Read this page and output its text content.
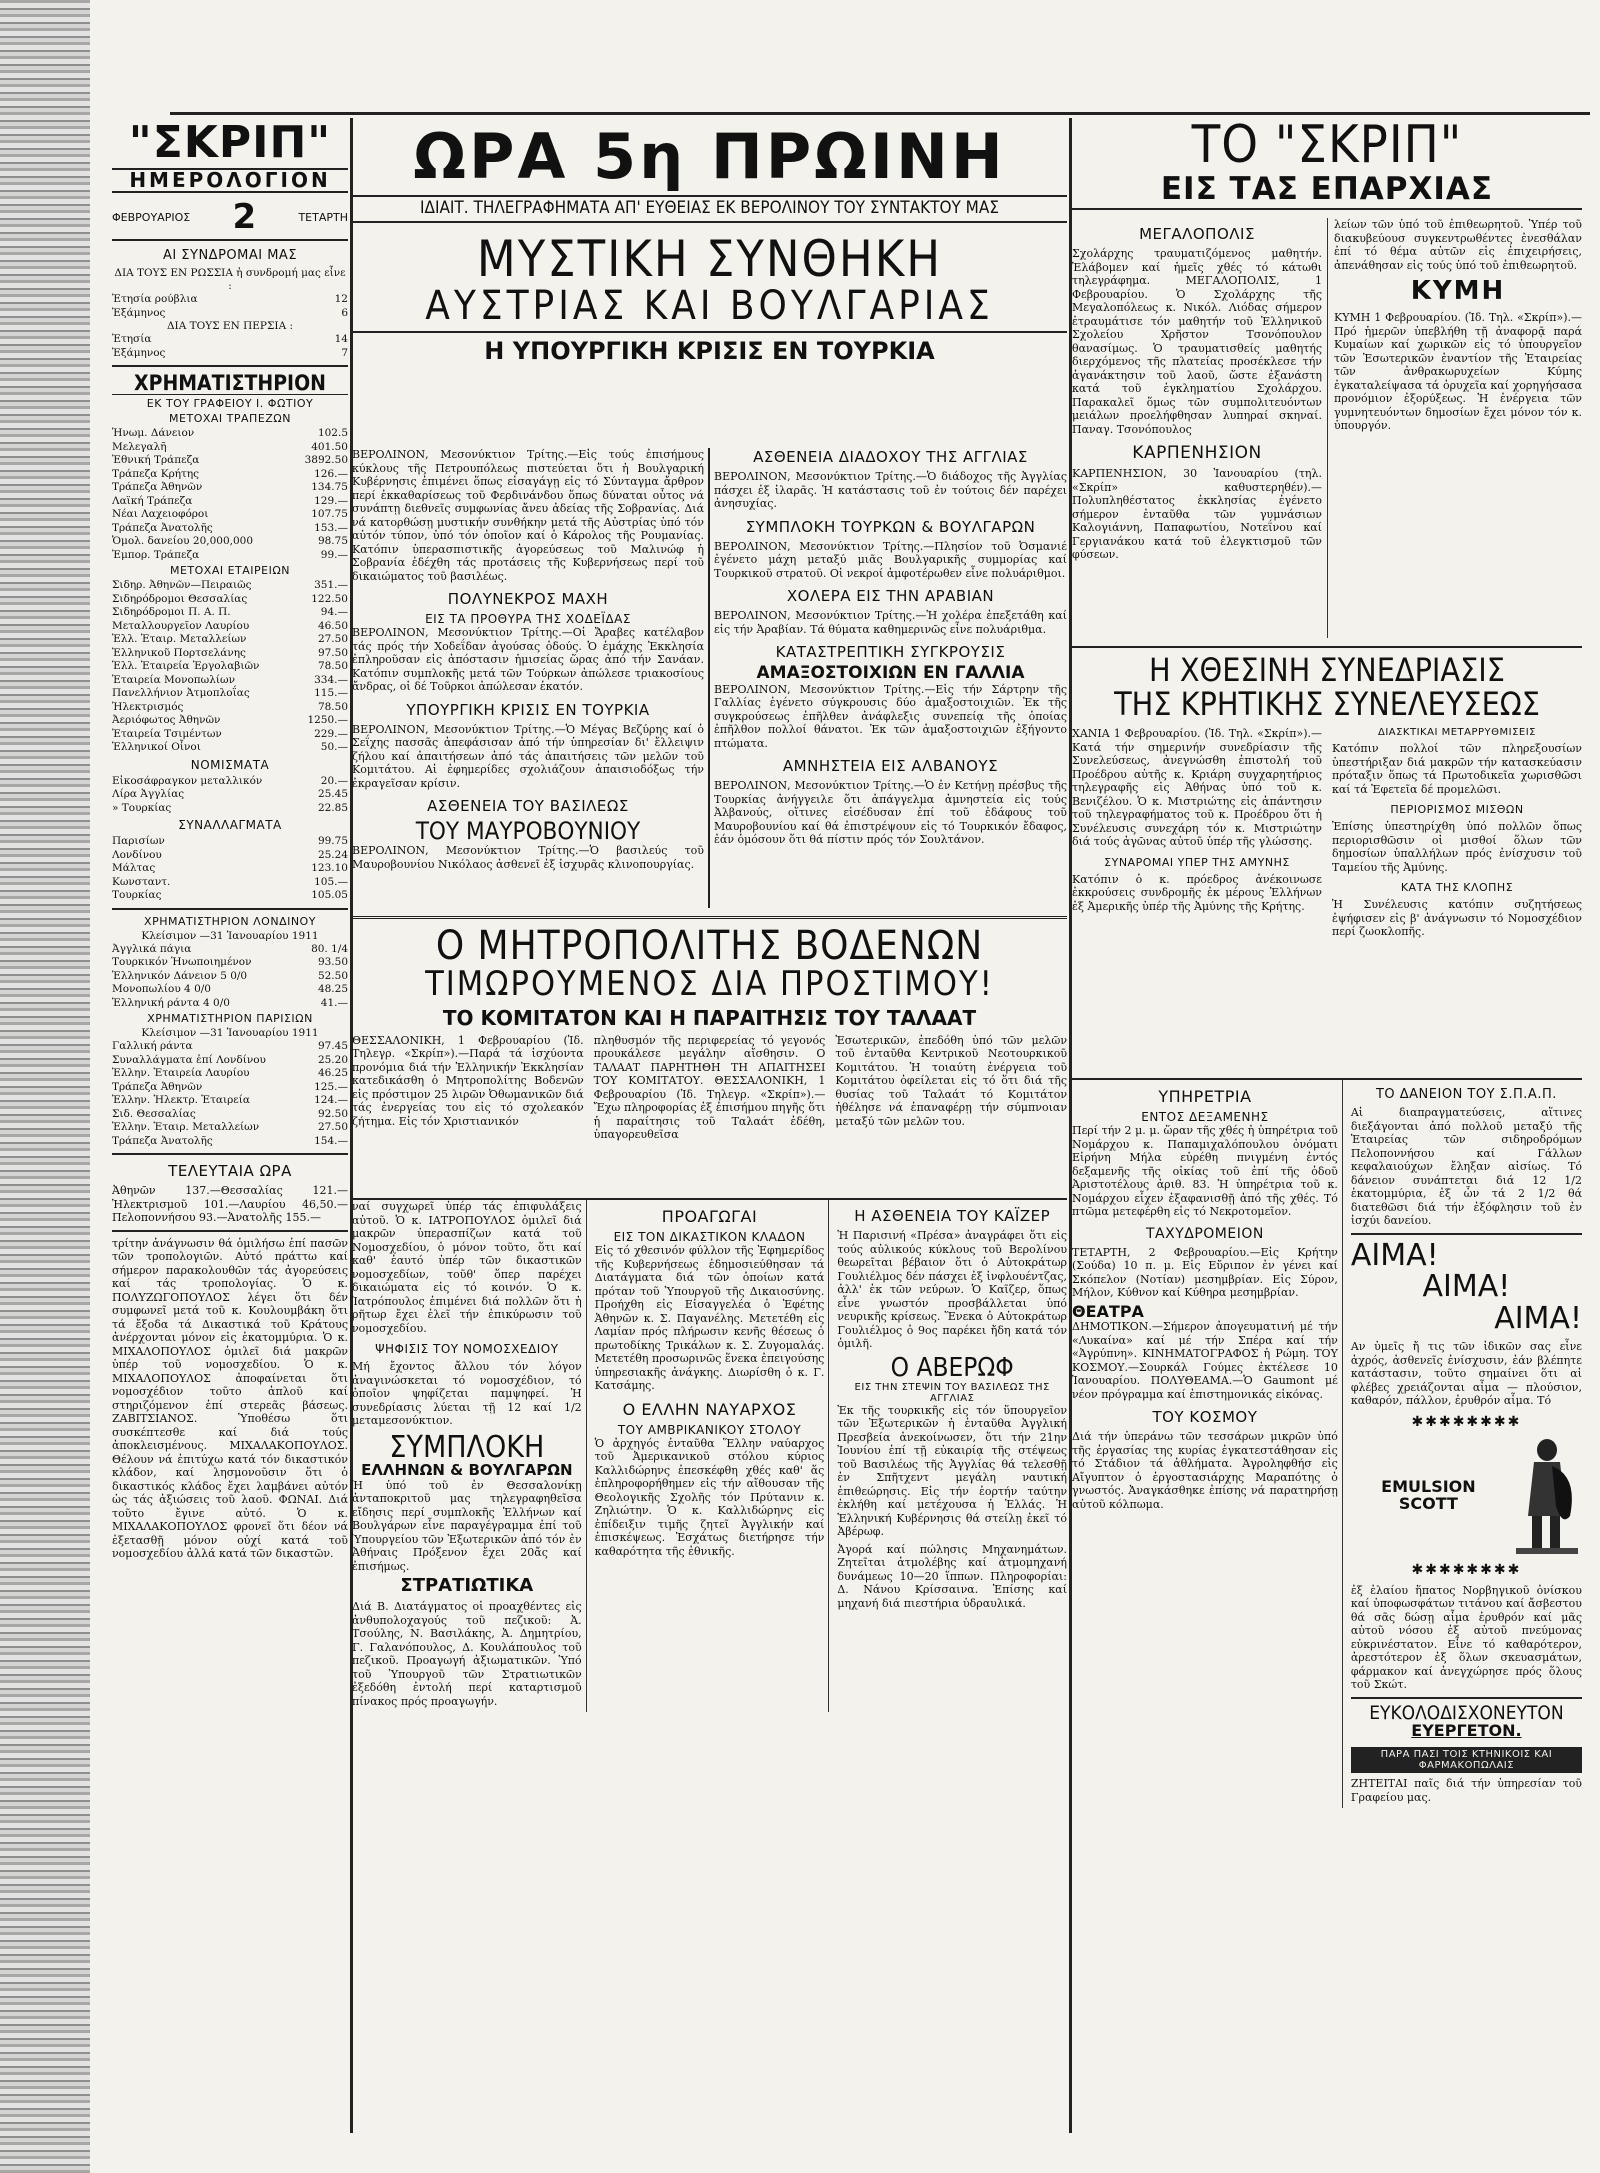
"ΣΚΡΙΠ"
ΗΜΕΡΟΛΟΓΙΟΝ
ΦΕΒΡΟΥΑΡΙΟΣ 2	ΤΕΤΑΡΤΗ
ΑΙ ΣΥΝΔΡΟΜΑΙ ΜΑΣ
ΔΙΑ ΤΟΥΣ ΕΝ ΡΩΣΣΙΑ ἡ συνδρομή μας εἶνε :
Ἐτησία ρούβλια	12
Ἑξάμηνος	6
ΔΙΑ ΤΟΥΣ ΕΝ ΠΕΡΣΙΑ :
Ἐτησία	14
Ἑξάμηνος	7
ΧΡΗΜΑΤΙΣΤΗΡΙΟΝ
ΕΚ ΤΟΥ ΓΡΑΦΕΙΟΥ Ι. ΦΩΤΙΟΥ
ΜΕΤΟΧΑΙ ΤΡΑΠΕΖΩΝ
Ἡνωμ. Δάνειον	102.5
Μελεγαλῆ	401.50
Ἐθνική Τράπεζα	3892.50
Τράπεζα Κρήτης	126.—
Τράπεζα Ἀθηνῶν	134.75
Λαϊκή Τράπεζα	129.—
Νέαι Λαχειοφόροι	107.75
Τράπεζα Ἀνατολῆς	153.—
Ὁμολ. δανείου 20,000,000	98.75
Ἐμπορ. Τράπεζα	99.—
ΜΕΤΟΧΑΙ ΕΤΑΙΡΕΙΩΝ
Σιδηρ. Ἀθηνῶν—Πειραιῶς	351.—
Σιδηρόδρομοι Θεσσαλίας	122.50
Σιδηρόδρομοι Π. Α. Π.	94.—
Μεταλλουργεῖον Λαυρίου	46.50
Ἑλλ. Ἑταιρ. Μεταλλείων	27.50
Ἑλληνικοῦ Πορτσελάνης	97.50
Ἑλλ. Ἑταιρεία Ἐργολαβιῶν	78.50
Ἑταιρεία Μονοπωλίων	334.—
Πανελλήνιον Ἀτμοπλοΐας	115.—
Ἠλεκτρισμός	78.50
Ἀεριόφωτος Ἀθηνῶν	1250.—
Ἐταιρεία Τσιμέντων	229.—
Ἑλληνικοί Οἶνοι	50.—
ΝΟΜΙΣΜΑΤΑ
Εἰκοσάφραγκον μεταλλικόν	20.—
Λίρα Ἀγγλίας	25.45
» Τουρκίας	22.85
ΣΥΝΑΛΛΑΓΜΑΤΑ
Παρισίων	99.75
Λονδίνου	25.24
Μάλτας	123.10
Κωνσταντ.	105.—
Τουρκίας	105.05
ΧΡΗΜΑΤΙΣΤΗΡΙΟΝ ΛΟΝΔΙΝΟΥ
Κλείσιμον —31 Ἰανουαρίου 1911
Ἀγγλικά πάγια	80. 1/4
Τουρκικόν Ἡνωποιημένον	93.50
Ἑλληνικόν Δάνειον 5 0/0	52.50
Μονοπωλίου 4 0/0	48.25
Ἑλληνική ράντα 4 0/0	41.—
ΧΡΗΜΑΤΙΣΤΗΡΙΟΝ ΠΑΡΙΣΙΩΝ
Κλείσιμον —31 Ἰανουαρίου 1911
Γαλλική ράντα	97.45
Συναλλάγματα ἐπί Λονδίνου	25.20
Ἑλλην. Ἑταιρεία Λαυρίου	46.25
Τράπεζα Ἀθηνῶν	125.—
Ἑλλην. Ἠλεκτρ. Ἑταιρεία	124.—
Σιδ. Θεσσαλίας	92.50
Ἑλλην. Ἑταιρ. Μεταλλείων	27.50
Τράπεζα Ἀνατολῆς	154.—
ΤΕΛΕΥΤΑΙΑ ΩΡΑ
Ἀθηνῶν 137.—Θεσσαλίας 121.—Ἠλεκτρισμοῦ 101.—Λαυρίου 46,50.—Πελοποννήσου 93.—Ἀνατολῆς 155.—
τρίτην ἀνάγνωσιν θά ὁμιλήσω ἐπί πασῶν τῶν τροπολογιῶν. Αὐτό πράττω καί σήμερον παρακολουθῶν τάς ἀγορεύσεις καί τάς τροπολογίας. Ὁ κ. ΠΟΛΥΖΩΓΟΠΟΥΛΟΣ λέγει ὅτι δέν συμφωνεῖ μετά τοῦ κ. Κουλουμβάκη ὅτι τά ἔξοδα τά Δικαστικά τοῦ Κράτους ἀνέρχονται μόνον εἰς ἑκατομμύρια. Ὁ κ. ΜΙΧΑΛΟΠΟΥΛΟΣ ὁμιλεῖ διά μακρῶν ὑπέρ τοῦ νομοσχεδίου. Ὁ κ. ΜΙΧΑΛΟΠΟΥΛΟΣ ἀποφαίνεται ὅτι νομοσχέδιον τοῦτο ἁπλοῦ καί στηριζόμενον ἐπί στερεᾶς βάσεως. ΖΑΒΙΤΣΙΑΝΟΣ. Ὑποθέσω ὅτι συσκέπτεσθε καί διά τούς ἀποκλεισμένους. ΜΙΧΑΛΑΚΟΠΟΥΛΟΣ. Θέλουν νά ἐπιτύχω κατά τόν δικαστικόν κλάδον, καί λησμονοῦσιν ὅτι ὁ δικαστικός κλάδος ἔχει λαμβάνει αὐτόν ὡς τάς ἀξιώσεις τοῦ λαοῦ. ΦΩΝΑΙ. Διά τοῦτο ἔγινε αὐτό. Ὁ κ. ΜΙΧΑΛΑΚΟΠΟΥΛΟΣ φρονεῖ ὅτι δέον νά ἐξετασθῇ μόνον οὐχί κατά τοῦ νομοσχεδίου ἀλλά κατά τῶν δικαστῶν.
ΩΡΑ 5η ΠΡΩΙΝΗ
ΙΔΙΑΙΤ. ΤΗΛΕΓΡΑΦΗΜΑΤΑ ΑΠ' ΕΥΘΕΙΑΣ ΕΚ ΒΕΡΟΛΙΝΟΥ ΤΟΥ ΣΥΝΤΑΚΤΟΥ ΜΑΣ
ΜΥΣΤΙΚΗ ΣΥΝΘΗΚΗ
ΑΥΣΤΡΙΑΣ ΚΑΙ ΒΟΥΛΓΑΡΙΑΣ
Η ΥΠΟΥΡΓΙΚΗ ΚΡΙΣΙΣ ΕΝ ΤΟΥΡΚΙΑ
ΒΕΡΟΛΙΝΟΝ, Μεσονύκτιον Τρίτης.—Εἰς τούς ἐπισήμους κύκλους τῆς Πετρουπόλεως πιστεύεται ὅτι ἡ Βουλγαρική Κυβέρνησις ἐπιμένει ὅπως εἰσαγάγῃ εἰς τό Σύνταγμα ἄρθρον περί ἐκκαθαρίσεως τοῦ Φερδινάνδου ὅπως δύναται οὗτος νά συνάπτῃ διεθνεῖς συμφωνίας ἄνευ ἀδείας τῆς Σοβρανίας. Διά νά κατορθώσῃ μυστικήν συνθήκην μετά τῆς Αὐστρίας ὑπό τόν αὐτόν τύπον, ὑπό τόν ὁποῖον καί ὁ Κάρολος τῆς Ρουμανίας. Κατόπιν ὑπερασπιστικῆς ἀγορεύσεως τοῦ Μαλινώφ ἡ Σοβρανία ἐδέχθη τάς προτάσεις τῆς Κυβερνήσεως περί τοῦ δικαιώματος τοῦ βασιλέως.
ΠΟΛΥΝΕΚΡΟΣ ΜΑΧΗ
ΕΙΣ ΤΑ ΠΡΟΘΥΡΑ ΤΗΣ ΧΟΔΕΪΔΑΣ
ΒΕΡΟΛΙΝΟΝ, Μεσονύκτιον Τρίτης.—Οἱ Ἄραβες κατέλαβον τάς πρός τήν Χοδεΐδαν ἀγούσας ὁδούς. Ὁ ἐμάχης Ἐκκλησία ἐπληροῦσαν εἰς ἀπόστασιν ἡμισείας ὥρας ἀπό τήν Σανάαν. Κατόπιν συμπλοκῆς μετά τῶν Τούρκων ἀπώλεσε τριακοσίους ἄνδρας, οἱ δέ Τοῦρκοι ἀπώλεσαν ἑκατόν.
ΥΠΟΥΡΓΙΚΗ ΚΡΙΣΙΣ ΕΝ ΤΟΥΡΚΙΑ
ΒΕΡΟΛΙΝΟΝ, Μεσονύκτιον Τρίτης.—Ὁ Μέγας Βεζύρης καί ὁ Σεΐχης πασσᾶς ἀπεφάσισαν ἀπό τήν ὑπηρεσίαν δι' ἔλλειψιν ζήλου καί ἀπαιτήσεων ἀπό τάς ἀπαιτήσεις τῶν μελῶν τοῦ Κομιτάτου. Αἱ ἐφημερίδες σχολιάζουν ἀπαισιοδόξως τήν ἐκραγεῖσαν κρίσιν.
ΑΣΘΕΝΕΙΑ ΤΟΥ ΒΑΣΙΛΕΩΣ
ΤΟΥ ΜΑΥΡΟΒΟΥΝΙΟΥ
ΒΕΡΟΛΙΝΟΝ, Μεσονύκτιον Τρίτης.—Ὁ βασιλεύς τοῦ Μαυροβουνίου Νικόλαος ἀσθενεῖ ἐξ ἰσχυρᾶς κλινοπουργίας.
ΑΣΘΕΝΕΙΑ ΔΙΑΔΟΧΟΥ ΤΗΣ ΑΓΓΛΙΑΣ
ΒΕΡΟΛΙΝΟΝ, Μεσονύκτιον Τρίτης.—Ὁ διάδοχος τῆς Ἀγγλίας πάσχει ἐξ ἰλαρᾶς. Ἡ κατάστασις τοῦ ἐν τούτοις δέν παρέχει ἀνησυχίας.
ΣΥΜΠΛΟΚΗ ΤΟΥΡΚΩΝ & ΒΟΥΛΓΑΡΩΝ
ΒΕΡΟΛΙΝΟΝ, Μεσονύκτιον Τρίτης.—Πλησίον τοῦ Ὀσμανιέ ἐγένετο μάχη μεταξύ μιᾶς Βουλγαρικῆς συμμορίας καί Τουρκικοῦ στρατοῦ. Οἱ νεκροί ἀμφοτέρωθεν εἶνε πολυάριθμοι.
ΧΟΛΕΡΑ ΕΙΣ ΤΗΝ ΑΡΑΒΙΑΝ
ΒΕΡΟΛΙΝΟΝ, Μεσονύκτιον Τρίτης.—Ἡ χολέρα ἐπεξετάθη καί εἰς τήν Ἀραβίαν. Τά θύματα καθημερινῶς εἶνε πολυάριθμα.
ΚΑΤΑΣΤΡΕΠΤΙΚΗ ΣΥΓΚΡΟΥΣΙΣ
ΑΜΑΞΟΣΤΟΙΧΙΩΝ ΕΝ ΓΑΛΛΙΑ
ΒΕΡΟΛΙΝΟΝ, Μεσονύκτιον Τρίτης.—Εἰς τήν Σάρτρην τῆς Γαλλίας ἐγένετο σύγκρουσις δύο ἁμαξοστοιχιῶν. Ἐκ τῆς συγκρούσεως ἐπῆλθεν ἀνάφλεξις συνεπείᾳ τῆς ὁποίας ἐπῆλθον πολλοί θάνατοι. Ἐκ τῶν ἁμαξοστοιχιῶν ἐξήγοντο πτώματα.
ΑΜΝΗΣΤΕΙΑ ΕΙΣ ΑΛΒΑΝΟΥΣ
ΒΕΡΟΛΙΝΟΝ, Μεσονύκτιον Τρίτης.—Ὁ ἐν Κετήνῃ πρέσβυς τῆς Τουρκίας ἀνήγγειλε ὅτι ἀπάγγελμα ἀμνηστεία εἰς τούς Ἀλβανούς, οἵτινες εἰσέδυσαν ἐπί τοῦ ἐδάφους τοῦ Μαυροβουνίου καί θά ἐπιστρέψουν εἰς τό Τουρκικόν ἔδαφος, ἐάν ὁμόσουν ὅτι θά πίστιν πρός τόν Σουλτάνον.
Ο ΜΗΤΡΟΠΟΛΙΤΗΣ ΒΟΔΕΝΩΝ
ΤΙΜΩΡΟΥΜΕΝΟΣ ΔΙΑ ΠΡΟΣΤΙΜΟΥ!
ΤΟ ΚΟΜΙΤΑΤΟΝ ΚΑΙ Η ΠΑΡΑΙΤΗΣΙΣ ΤΟΥ ΤΑΛΑΑΤ
ΘΕΣΣΑΛΟΝΙΚΗ, 1 Φεβρουαρίου (Ἰδ. Τηλεγρ. «Σκρίπ»).—Παρά τά ἰσχύοντα προνόμια διά τήν Ἑλληνικήν Ἐκκλησίαν κατεδικάσθη ὁ Μητροπολίτης Βοδενῶν εἰς πρόστιμον 25 λιρῶν Ὀθωμανικῶν διά τάς ἐνεργείας του εἰς τό σχολεακόν ζήτημα. Εἰς τόν Χριστιανικόν
πληθυσμόν τῆς περιφερείας τό γεγονός προυκάλεσε μεγάλην αἴσθησιν. Ο ΤΑΛΑΑΤ ΠΑΡΗΤΗΘΗ ΤΗ ΑΠΑΙΤΗΣΕΙ ΤΟΥ ΚΟΜΙΤΑΤΟΥ. ΘΕΣΣΑΛΟΝΙΚΗ, 1 Φεβρουαρίου (Ἰδ. Τηλεγρ. «Σκρίπ»).—Ἔχω πληροφορίας ἐξ ἐπισήμου πηγῆς ὅτι ἡ παραίτησις τοῦ Ταλαάτ ἐδέθη, ὑπαγορευθεῖσα
Ἐσωτερικῶν, ἐπεδόθη ὑπό τῶν μελῶν τοῦ ἐνταῦθα Κεντρικοῦ Νεοτουρκικοῦ Κομιτάτου. Ἡ τοιαύτη ἐνέργεια τοῦ Κομιτάτου ὀφείλεται εἰς τό ὅτι διά τῆς θυσίας τοῦ Ταλαάτ τό Κομιτάτον ἠθέλησε νά ἐπαναφέρῃ τήν σύμπνοιαν μεταξύ τῶν μελῶν του.
ναί συγχωρεῖ ὑπέρ τάς ἐπιφυλάξεις αὐτοῦ. Ὁ κ. ΙΑΤΡΟΠΟΥΛΟΣ ὁμιλεῖ διά μακρῶν ὑπερασπίζων κατά τοῦ Νομοσχεδίου, ὁ μόνον τοῦτο, ὅτι καί καθ' ἑαυτό ὑπέρ τῶν δικαστικῶν νομοσχεδίων, τοῦθ' ὅπερ παρέχει δικαιώματα εἰς τό κοινόν. Ὁ κ. Ἰατρόπουλος ἐπιμένει διά πολλῶν ὅτι ἡ ρῆτωρ ἔχει ἐλεῖ τήν ἐπικύρωσιν τοῦ νομοσχεδίου.
ΨΗΦΙΣΙΣ ΤΟΥ ΝΟΜΟΣΧΕΔΙΟΥ
Μή ἔχοντος ἄλλου τόν λόγον ἀναγινώσκεται τό νομοσχέδιον, τό ὁποῖον ψηφίζεται παμψηφεί. Ἡ συνεδρίασις λύεται τῇ 12 καί 1/2 μεταμεσονύκτιον.
ΣΥΜΠΛΟΚΗ
ΕΛΛΗΝΩΝ & ΒΟΥΛΓΑΡΩΝ
Ἡ ὑπό τοῦ ἐν Θεσσαλονίκῃ ἀνταποκριτοῦ μας τηλεγραφηθεῖσα εἴδησις περί συμπλοκῆς Ἑλλήνων καί Βουλγάρων εἶνε παραγέγραμμα ἐπί τοῦ Ὑπουργείου τῶν Ἐξωτερικῶν ἀπό τόν ἐν Ἀθήναις Πρόξενον ἔχει 20ἄς καί ἐπισήμως.
ΣΤΡΑΤΙΩΤΙΚΑ
Διά Β. Διατάγματος οἱ προαχθέντες εἰς ἀνθυπολοχαγούς τοῦ πεζικοῦ: Ἀ. Τσούλης, Ν. Βασιλάκης, Ἀ. Δημητρίου, Γ. Γαλανόπουλος, Δ. Κουλάπουλος τοῦ πεζικοῦ. Προαγωγή ἀξιωματικῶν. Ὑπό τοῦ Ὑπουργοῦ τῶν Στρατιωτικῶν ἐξεδόθη ἐντολή περί καταρτισμοῦ πίνακος πρός προαγωγήν.
ΠΡΟΑΓΩΓΑΙ
ΕΙΣ ΤΟΝ ΔΙΚΑΣΤΙΚΟΝ ΚΛΑΔΟΝ
Εἰς τό χθεσινόν φύλλον τῆς Ἐφημερίδος τῆς Κυβερνήσεως ἐδημοσιεύθησαν τά Διατάγματα διά τῶν ὁποίων κατά πρόταν τοῦ Ὑπουργοῦ τῆς Δικαιοσύνης. Προήχθη εἰς Εἰσαγγελέα ὁ Ἐφέτης Ἀθηνῶν κ. Σ. Παγανέλης. Μετετέθη εἰς Λαμίαν πρός πλήρωσιν κενῆς θέσεως ὁ πρωτοδίκης Τρικάλων κ. Σ. Ζυγομαλάς. Μετετέθη προσωρινῶς ἕνεκα ἐπειγούσης ὑπηρεσιακῆς ἀνάγκης. Διωρίσθη ὁ κ. Γ. Κατσάμης.
Ο ΕΛΛΗΝ ΝΑΥΑΡΧΟΣ
ΤΟΥ ΑΜΒΡΙΚΑΝΙΚΟΥ ΣΤΟΛΟΥ
Ὁ ἀρχηγός ἐνταῦθα Ἕλλην ναύαρχος τοῦ Ἀμερικανικοῦ στόλου κύριος Καλλιδώρηνς ἐπεσκέφθη χθές καθ' ἅς ἐπληροφορήθημεν εἰς τήν αἴθουσαν τῆς Θεολογικῆς Σχολῆς τόν Πρύτανιν κ. Ζηλιώτην. Ὁ κ. Καλλιδώρηνς εἰς ἐπίδειξιν τιμῆς ζητεῖ Ἀγγλικήν καί ἐπισκέψεως. Ἐσχάτως διετήρησε τήν καθαρότητα τῆς ἐθνικῆς.
Η ΑΣΘΕΝΕΙΑ ΤΟΥ ΚΑΪΖΕΡ
Ἡ Παρισινή «Πρέσα» ἀναγράφει ὅτι εἰς τούς αὐλικούς κύκλους τοῦ Βερολίνου θεωρεῖται βέβαιον ὅτι ὁ Αὐτοκράτωρ Γουλιέλμος δέν πάσχει ἐξ ἰνφλουέντζας, ἀλλ' ἐκ τῶν νεύρων. Ὁ Καῖζερ, ὅπως εἶνε γνωστόν προσβάλλεται ὑπό νευρικῆς κρίσεως. Ἕνεκα ὁ Αὐτοκράτωρ Γουλιέλμος ὁ 9ος παρέκει ἤδη κατά τόν ὁμιλῆ.
Ο ΑΒΕΡΩΦ
ΕΙΣ ΤΗΝ ΣΤΕΨΙΝ ΤΟΥ ΒΑΣΙΛΕΩΣ ΤΗΣ ΑΓΓΛΙΑΣ
Ἐκ τῆς τουρκικῆς εἰς τόν ὕπουργεῖον τῶν Ἐξωτερικῶν ἡ ἐνταῦθα Ἀγγλική Πρεσβεία ἀνεκοίνωσεν, ὅτι τήν 21ην Ἰουνίου ἐπί τῇ εὐκαιρίᾳ τῆς στέψεως τοῦ Βασιλέως τῆς Ἀγγλίας θά τελεσθῇ ἐν Σπῆτχεντ μεγάλη ναυτική ἐπιθεώρησις. Εἰς τήν ἑορτήν ταύτην ἐκλήθη καί μετέχουσα ἡ Ἑλλάς. Ἡ Ἑλληνική Κυβέρνησις θά στείλῃ ἐκεῖ τό Ἀβέρωφ.
Ἀγορά καί πώλησις Μηχανημάτων. Ζητεῖται ἀτμολέβης καί ἀτμομηχανή δυνάμεως 10—20 ἵππων. Πληροφορίαι: Δ. Νάνου Κρίσσαινα. Ἐπίσης καί μηχανή διά πιεστήρια ὑδραυλικά.
ΤΟ "ΣΚΡΙΠ"
ΕΙΣ ΤΑΣ ΕΠΑΡΧΙΑΣ
ΜΕΓΑΛΟΠΟΛΙΣ
Σχολάρχης τραυματιζόμενος μαθητήν. Ἐλάβομεν καί ἡμεῖς χθές τό κάτωθι τηλεγράφημα. ΜΕΓΑΛΟΠΟΛΙΣ, 1 Φεβρουαρίου. Ὁ Σχολάρχης τῆς Μεγαλοπόλεως κ. Νικόλ. Λιόδας σήμερον ἐτραυμάτισε τόν μαθητήν τοῦ Ἑλληνικοῦ Σχολείου Χρῆστον Τσονόπουλον θανασίμως. Ὁ τραυματισθείς μαθητής διερχόμενος τῆς πλατείας προσέκλεσε τήν ἀγανάκτησιν τοῦ λαοῦ, ὥστε ἐξανάστη κατά τοῦ ἐγκληματίου Σχολάρχου. Παρακαλεῖ ὅμως τῶν συμπολιτευόντων μειάλων προελήφθησαν λυπηραί σκηναί. Παναγ. Τσονόπουλος
ΚΑΡΠΕΝΗΣΙΟΝ
ΚΑΡΠΕΝΗΣΙΟΝ, 30 Ἰανουαρίου (τηλ. «Σκρίπ» καθυστερηθέν).—Πολυπληθέστατος ἐκκλησίας ἐγένετο σήμερον ἐνταῦθα τῶν γυμνάσιων Καλογιάννη, Παπαφωτίου, Νοτεΐνου καί Γεργιανάκου κατά τοῦ ἐλεγκτισμοῦ τῶν φύσεων.
λείων τῶν ὑπό τοῦ ἐπιθεωρητοῦ. Ὑπέρ τοῦ διακυβεύουσ συγκεντρωθέντες ἐνεσθάλαν ἐπί τό θέμα αὐτῶν εἰς ἐπιχειρήσεις, ἀπενάθησαν εἰς τούς ὑπό τοῦ ἐπιθεωρητοῦ.
ΚΥΜΗ
ΚΥΜΗ 1 Φεβρουαρίου. (Ἰδ. Τηλ. «Σκρίπ»).—Πρό ἡμερῶν ὑπεβλήθη τῇ ἀναφορᾷ παρά Κυμαίων καί χωρικῶν εἰς τό ὑπουργεῖον τῶν Ἐσωτερικῶν ἐναντίον τῆς Ἑταιρείας τῶν ἀνθρακωρυχείων Κύμης ἐγκαταλείψασα τά ὀρυχεῖα καί χορηγήσασα προνόμιον ἐξορύξεως. Ἡ ἐνέργεια τῶν γυμνητευόντων δημοσίων ἔχει μόνον τόν κ. ὑπουργόν.
Η ΧΘΕΣΙΝΗ ΣΥΝΕΔΡΙΑΣΙΣ
ΤΗΣ ΚΡΗΤΙΚΗΣ ΣΥΝΕΛΕΥΣΕΩΣ
ΧΑΝΙΑ 1 Φεβρουαρίου. (Ἰδ. Τηλ. «Σκρίπ»).—Κατά τήν σημερινήν συνεδρίασιν τῆς Συνελεύσεως, ἀνεγνώσθη ἐπιστολή τοῦ Προέδρου αὐτῆς κ. Κριάρη συγχαρητήριος τηλεγραφῆς εἰς Ἀθήνας ὑπό τοῦ κ. Βενιζέλου. Ὁ κ. Μιστριώτης εἰς ἀπάντησιν τοῦ τηλεγραφήματος τοῦ κ. Προέδρου ὅτι ἡ Συνέλευσις συνεχάρη τόν κ. Μιστριώτην διά τούς ἀγῶνας αὐτοῦ ὑπέρ τῆς γλώσσης.
ΣΥΝΑΡΟΜΑΙ ΥΠΕΡ ΤΗΣ ΑΜΥΝΗΣ
Κατόπιν ὁ κ. πρόεδρος ἀνέκοινωσε ἐκκρούσεις συνδρομῆς ἐκ μέρους Ἑλλήνων ἐξ Ἀμερικῆς ὑπέρ τῆς Ἀμύνης τῆς Κρήτης.
ΔΙΑΣΚΤΙΚΑΙ ΜΕΤΑΡΡΥΘΜΙΣΕΙΣ
Κατόπιν πολλοί τῶν πληρεξουσίων ὑπεστήριξαν διά μακρῶν τήν κατασκεύασιν πρόταξιν ὅπως τά Πρωτοδικεῖα χωρισθῶσι καί τά Ἐφετεῖα δέ προμελῶσι.
ΠΕΡΙΟΡΙΣΜΟΣ ΜΙΣΘΩΝ
Ἐπίσης ὑπεστηρίχθη ὑπό πολλῶν ὅπως περιορισθῶσιν οἱ μισθοί ὅλων τῶν δημοσίων ὑπαλλήλων πρός ἐνίσχυσιν τοῦ Ταμείου τῆς Ἀμύνης.
ΚΑΤΑ ΤΗΣ ΚΛΟΠΗΣ
Ἡ Συνέλευσις κατόπιν συζητήσεως ἐψήφισεν εἰς β' ἀνάγνωσιν τό Νομοσχέδιον περί ζωοκλοπῆς.
ΥΠΗΡΕΤΡΙΑ
ΕΝΤΟΣ ΔΕΞΑΜΕΝΗΣ
Περί τήν 2 μ. μ. ὥραν τῆς χθές ἡ ὑπηρέτρια τοῦ Νομάρχου κ. Παπαμιχαλόπουλου ὀνόματι Εἰρήνη Μήλα εὑρέθη πνιγμένη ἐντός δεξαμενῆς τῆς οἰκίας τοῦ ἐπί τῆς ὁδοῦ Ἀριστοτέλους ἀριθ. 83. Ἡ ὑπηρέτρια τοῦ κ. Νομάρχου εἶχεν ἐξαφανισθῇ ἀπό τῆς χθές. Τό πτῶμα μετεφέρθη εἰς τό Νεκροτομεῖον.
ΤΑΧΥΔΡΟΜΕΙΟΝ
ΤΕΤΑΡΤΗ, 2 Φεβρουαρίου.—Εἰς Κρήτην (Σούδα) 10 π. μ. Εἰς Εὔριπον ἐν γένει καί Σκόπελον (Νοτίαν) μεσημβρίαν. Εἰς Σύρον, Μήλον, Κύθνον καί Κύθηρα μεσημβρίαν.
ΘΕΑΤΡΑ
ΔΗΜΟΤΙΚΟΝ.—Σήμερον ἀπογευματινή μέ τήν «Λυκαίνα» καί μέ τήν Σπέρα καί τήν «Ἀγρύπνη». ΚΙΝΗΜΑΤΟΓΡΑΦΟΣ ἡ Ρώμη. ΤΟΥ ΚΟΣΜΟΥ.—Σουρκάλ Γούμες ἐκτέλεσε 10 Ἰανουαρίου. ΠΟΛΥΘΕΑΜΑ.—Ὁ Gaumont μέ νέον πρόγραμμα καί ἐπιστημονικάς εἰκόνας.
ΤΟΥ ΚΟΣΜΟΥ
Διά τήν ὑπεράνω τῶν τεσσάρων μικρῶν ὑπό τῆς ἐργασίας της κυρίας ἐγκατεστάθησαν εἰς τό Στάδιον τά ἀθλήματα. Ἀγροληφθήσ εἰς Αἴγυπτον ὁ ἐργοστασιάρχης Μαραπότης ὁ γνωστός. Ἀναγκάσθηκε ἐπίσης νά παρατηρήσῃ αὐτοῦ κόλπωμα.
ΤΟ ΔΑΝΕΙΟΝ ΤΟΥ Σ.Π.Α.Π.
Αἱ διαπραγματεύσεις, αἵτινες διεξάγονται ἀπό πολλοῦ μεταξύ τῆς Ἑταιρείας τῶν σιδηροδρόμων Πελοποννήσου καί Γάλλων κεφαλαιούχων ἔληξαν αἰσίως. Τό δάνειον συνάπτεται διά 12 1/2 ἑκατομμύρια, ἐξ ὧν τά 2 1/2 θά διατεθῶσι διά τήν ἐξόφλησιν τοῦ ἐν ἰσχύι δανείου.
ΑΙΜΑ!
ΑΙΜΑ!
ΑΙΜΑ!
Αν ὑμεῖς ἤ τις τῶν ἰδικῶν σας εἶνε ἀχρός, ἀσθενεῖς ἐνίσχυσιν, ἐάν βλέπητε κατάστασιν, τοῦτο σημαίνει ὅτι αἱ φλέβες χρειάζονται αἷμα — πλούσιον, καθαρόν, πάλλον, ἐρυθρόν αἷμα. Τό
✱✱✱✱✱✱✱✱
EMULSION
SCOTT
✱✱✱✱✱✱✱✱
ἐξ ἐλαίου ἥπατος Νορβηγικοῦ ὀνίσκου καί ὑποφωσφάτων τιτάνου καί ἄσβεστου θά σᾶς δώσῃ αἷμα ἐρυθρόν καί μᾶς αὐτοῦ νόσου ἐξ αὐτοῦ πνεύμονας εὐκρινέστατον. Εἶνε τό καθαρότερον, ἀρεστότερον ἐξ ὅλων σκευασμάτων, φάρμακον καί ἀνεγχώρησε πρός ὅλους τοῦ Σκώτ.
ΕΥΚΟΛΟΔΙΣΧΟΝΕΥΤΟΝ
ΕΥΕΡΓΕΤΟΝ.
ΠΑΡΑ ΠΑΣΙ ΤΟΙΣ ΚΤΗΝΙΚΟΙΣ ΚΑΙ ΦΑΡΜΑΚΟΠΩΛΑΙΣ
ΖΗΤΕΙΤΑΙ παῖς διά τήν ὑπηρεσίαν τοῦ Γραφείου μας.
